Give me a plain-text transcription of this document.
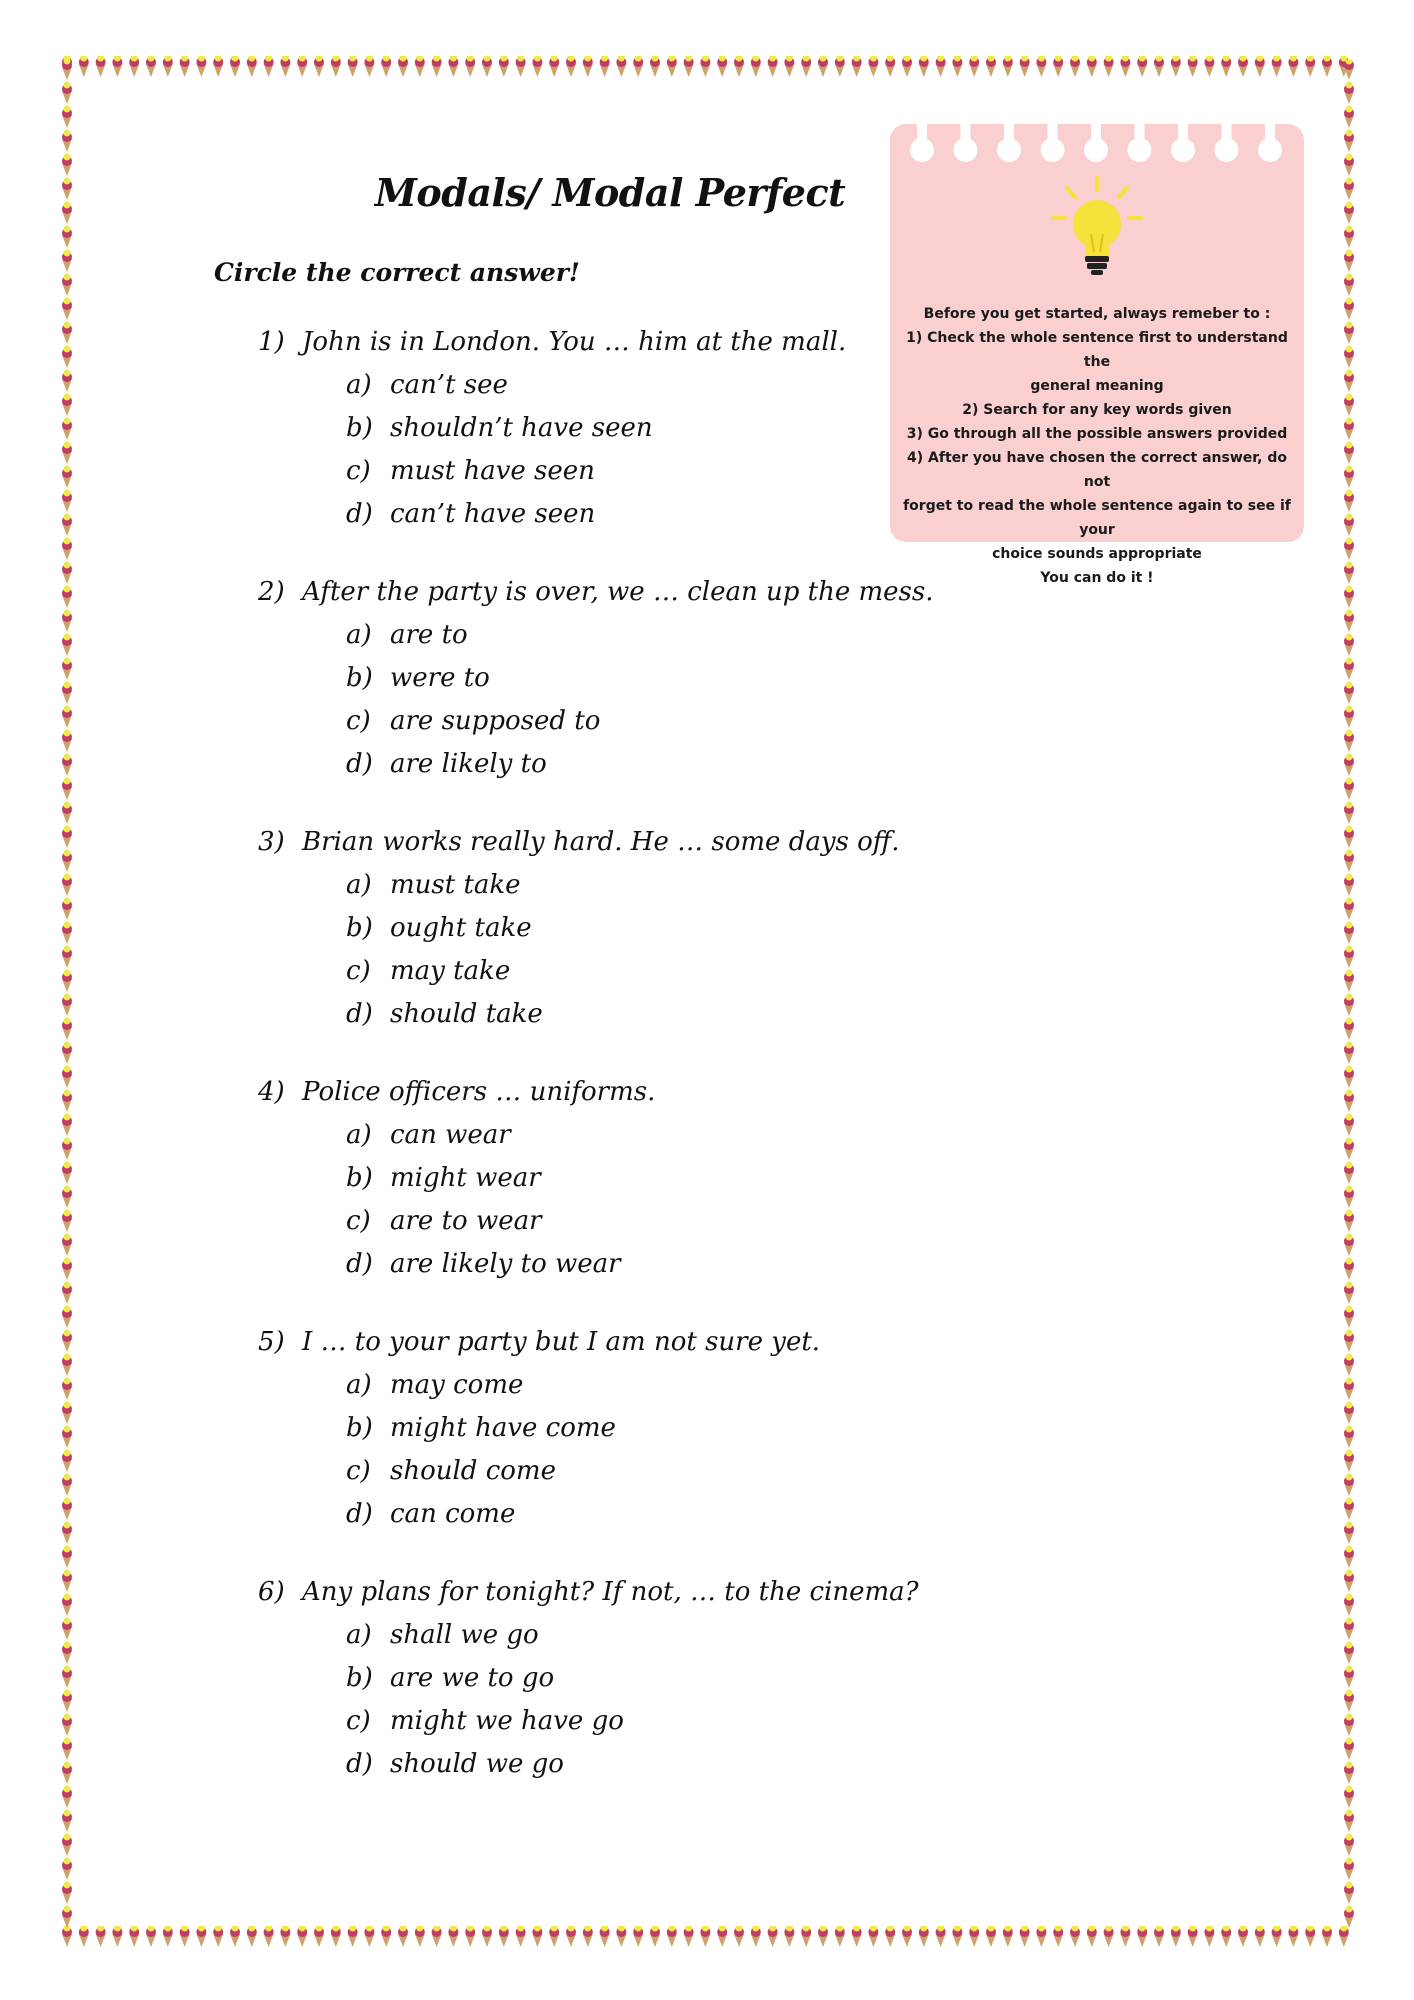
Modals/ Modal Perfect
Circle the correct answer!
1) John is in London. You … him at the mall.
a) can’t see
b) shouldn’t have seen
c) must have seen
d) can’t have seen
2) After the party is over, we … clean up the mess.
a) are to
b) were to
c) are supposed to
d) are likely to
3) Brian works really hard. He … some days off.
a) must take
b) ought take
c) may take
d) should take
4) Police officers … uniforms.
a) can wear
b) might wear
c) are to wear
d) are likely to wear
5) I … to your party but I am not sure yet.
a) may come
b) might have come
c) should come
d) can come
6) Any plans for tonight? If not, … to the cinema?
a) shall we go
b) are we to go
c) might we have go
d) should we go
Before you get started, always remeber to :
1) Check the whole sentence first to understand the
general meaning
2) Search for any key words given
3) Go through all the possible answers provided
4) After you have chosen the correct answer, do not
forget to read the whole sentence again to see if your
choice sounds appropriate
You can do it !
